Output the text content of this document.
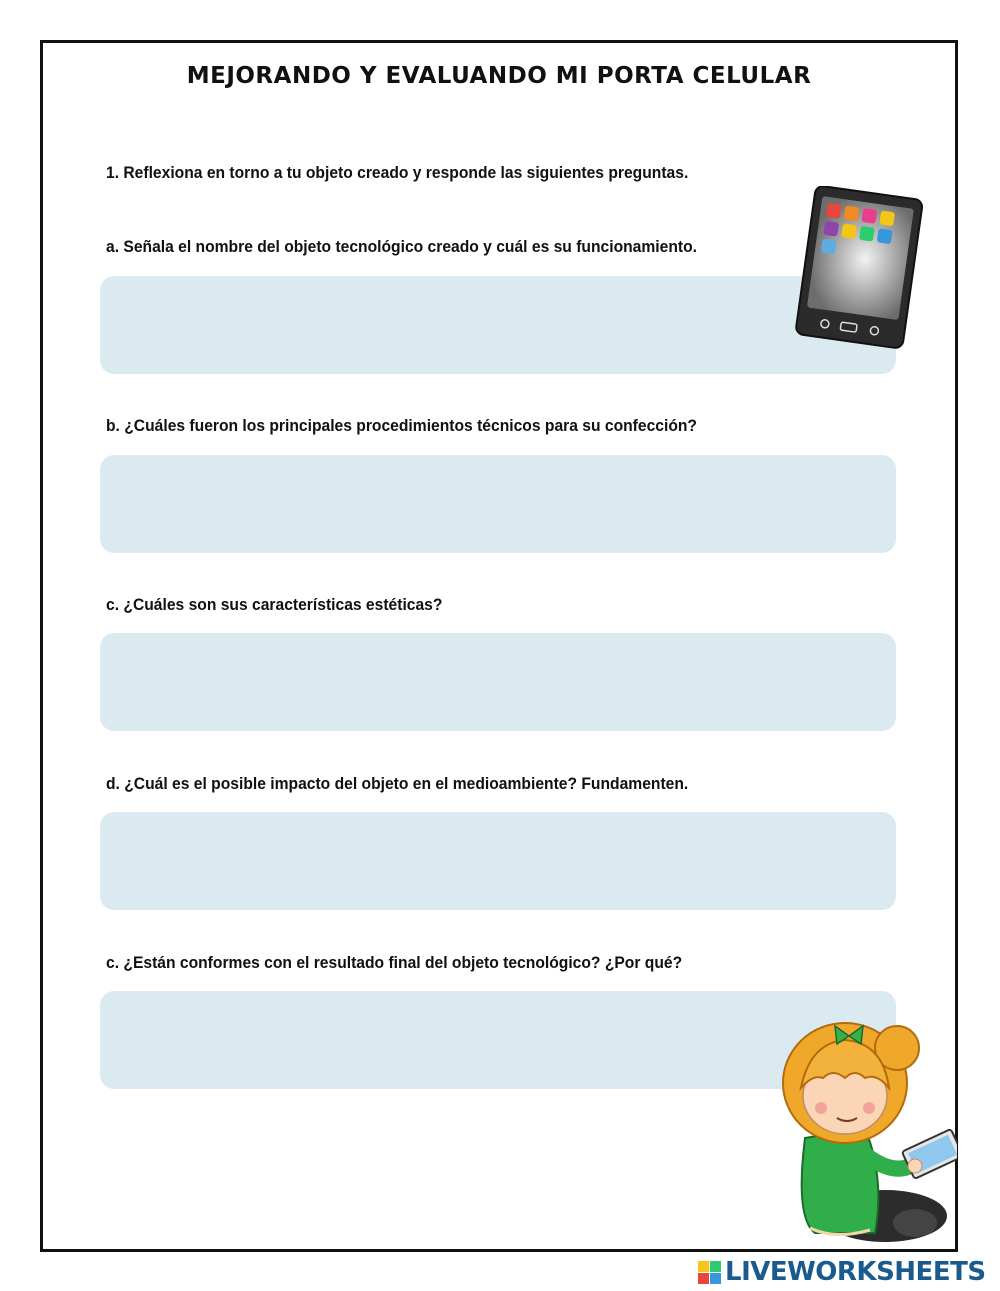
MEJORANDO Y EVALUANDO MI PORTA CELULAR
1. Reflexiona en torno a tu objeto creado y responde las siguientes preguntas.
a. Señala el nombre del objeto tecnológico creado y cuál es su funcionamiento.
b. ¿Cuáles fueron los principales procedimientos técnicos para su confección?
c. ¿Cuáles son sus características estéticas?
d. ¿Cuál es el posible impacto del objeto en el medioambiente? Fundamenten.
c. ¿Están conformes con el resultado final del objeto tecnológico? ¿Por qué?
LIVEWORKSHEETS
